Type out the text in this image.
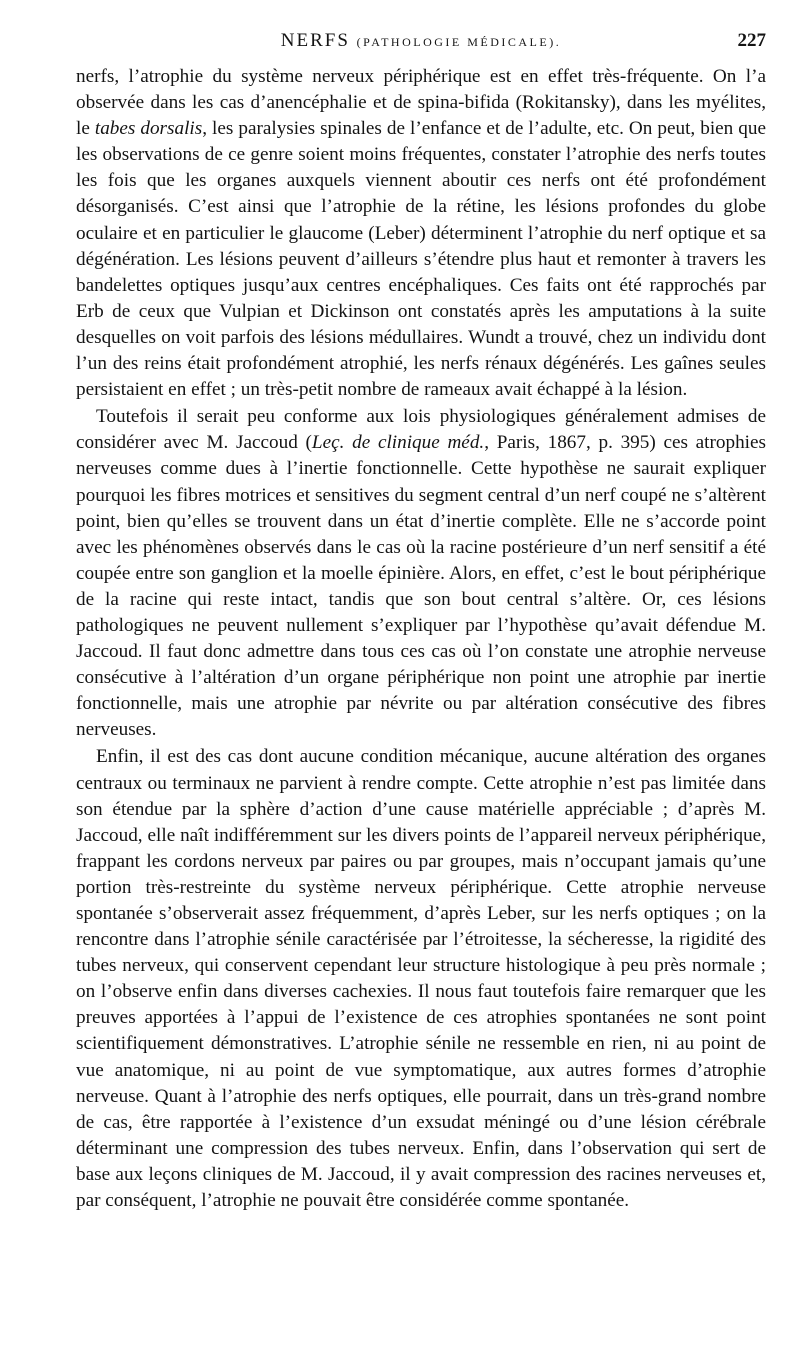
NERFS (PATHOLOGIE MÉDICALE).	227

nerfs, l’atrophie du système nerveux périphérique est en effet très-fréquente. On l’a observée dans les cas d’anencéphalie et de spina-bifida (Rokitansky), dans les myélites, le tabes dorsalis, les paralysies spinales de l’enfance et de l’adulte, etc. On peut, bien que les observations de ce genre soient moins fréquentes, constater l’atrophie des nerfs toutes les fois que les organes auxquels viennent aboutir ces nerfs ont été profondément désorganisés. C’est ainsi que l’atrophie de la rétine, les lésions profondes du globe oculaire et en particulier le glaucome (Leber) déterminent l’atrophie du nerf optique et sa dégénération. Les lésions peuvent d’ailleurs s’étendre plus haut et remonter à travers les bandelettes optiques jusqu’aux centres encéphaliques. Ces faits ont été rapprochés par Erb de ceux que Vulpian et Dickinson ont constatés après les amputations à la suite desquelles on voit parfois des lésions médullaires. Wundt a trouvé, chez un individu dont l’un des reins était profondément atrophié, les nerfs rénaux dégénérés. Les gaînes seules persistaient en effet ; un très-petit nombre de rameaux avait échappé à la lésion.

Toutefois il serait peu conforme aux lois physiologiques généralement admises de considérer avec M. Jaccoud (Leç. de clinique méd., Paris, 1867, p. 395) ces atrophies nerveuses comme dues à l’inertie fonctionnelle. Cette hypothèse ne saurait expliquer pourquoi les fibres motrices et sensitives du segment central d’un nerf coupé ne s’altèrent point, bien qu’elles se trouvent dans un état d’inertie complète. Elle ne s’accorde point avec les phénomènes observés dans le cas où la racine postérieure d’un nerf sensitif a été coupée entre son ganglion et la moelle épinière. Alors, en effet, c’est le bout périphérique de la racine qui reste intact, tandis que son bout central s’altère. Or, ces lésions pathologiques ne peuvent nullement s’expliquer par l’hypothèse qu’avait défendue M. Jaccoud. Il faut donc admettre dans tous ces cas où l’on constate une atrophie nerveuse consécutive à l’altération d’un organe périphérique non point une atrophie par inertie fonctionnelle, mais une atrophie par névrite ou par altération consécutive des fibres nerveuses.

Enfin, il est des cas dont aucune condition mécanique, aucune altération des organes centraux ou terminaux ne parvient à rendre compte. Cette atrophie n’est pas limitée dans son étendue par la sphère d’action d’une cause matérielle appréciable ; d’après M. Jaccoud, elle naît indifféremment sur les divers points de l’appareil nerveux périphérique, frappant les cordons nerveux par paires ou par groupes, mais n’occupant jamais qu’une portion très-restreinte du système nerveux périphérique. Cette atrophie nerveuse spontanée s’observerait assez fréquemment, d’après Leber, sur les nerfs optiques ; on la rencontre dans l’atrophie sénile caractérisée par l’étroitesse, la sécheresse, la rigidité des tubes nerveux, qui conservent cependant leur structure histologique à peu près normale ; on l’observe enfin dans diverses cachexies. Il nous faut toutefois faire remarquer que les preuves apportées à l’appui de l’existence de ces atrophies spontanées ne sont point scientifiquement démonstratives. L’atrophie sénile ne ressemble en rien, ni au point de vue anatomique, ni au point de vue symptomatique, aux autres formes d’atrophie nerveuse. Quant à l’atrophie des nerfs optiques, elle pourrait, dans un très-grand nombre de cas, être rapportée à l’existence d’un exsudat méningé ou d’une lésion cérébrale déterminant une compression des tubes nerveux. Enfin, dans l’observation qui sert de base aux leçons cliniques de M. Jaccoud, il y avait compression des racines nerveuses et, par conséquent, l’atrophie ne pouvait être considérée comme spontanée.
